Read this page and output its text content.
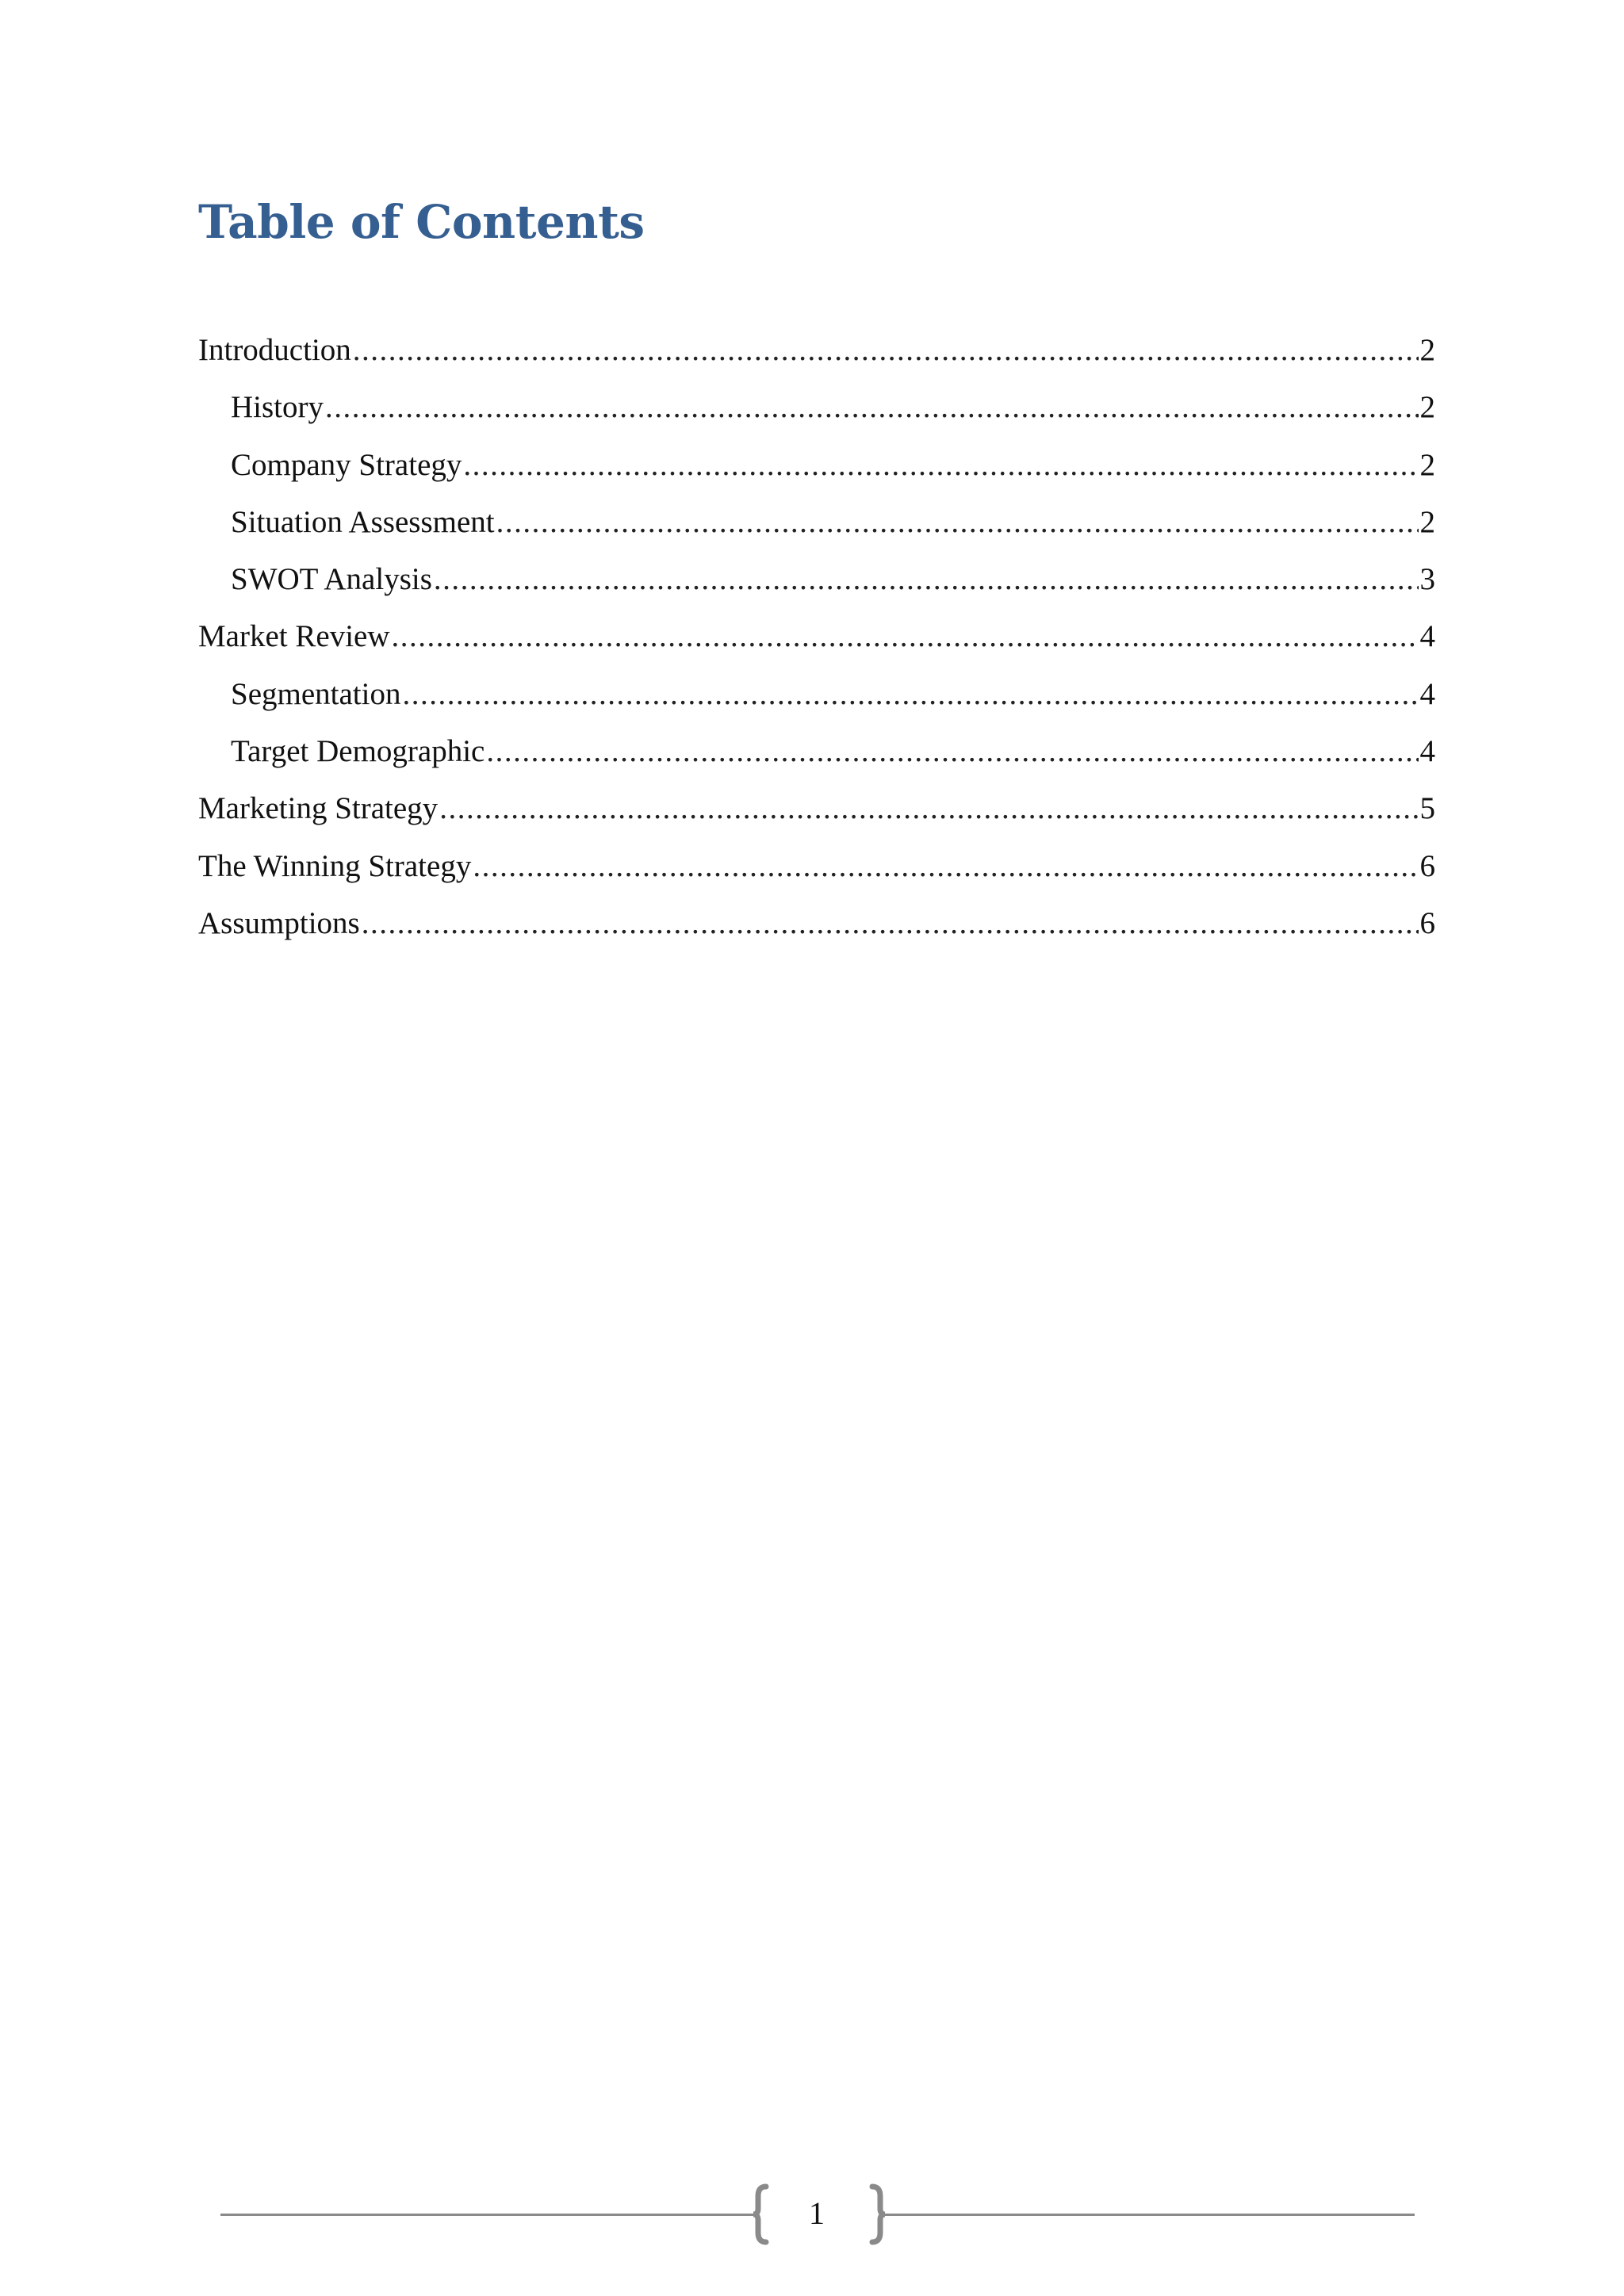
Table of Contents
Introduction .....	2
History .....	2
Company Strategy .....	2
Situation Assessment .....	2
SWOT Analysis .....	3
Market Review .....	4
Segmentation .....	4
Target Demographic .....	4
Marketing Strategy .....	5
The Winning Strategy .....	6
Assumptions .....	6
1
